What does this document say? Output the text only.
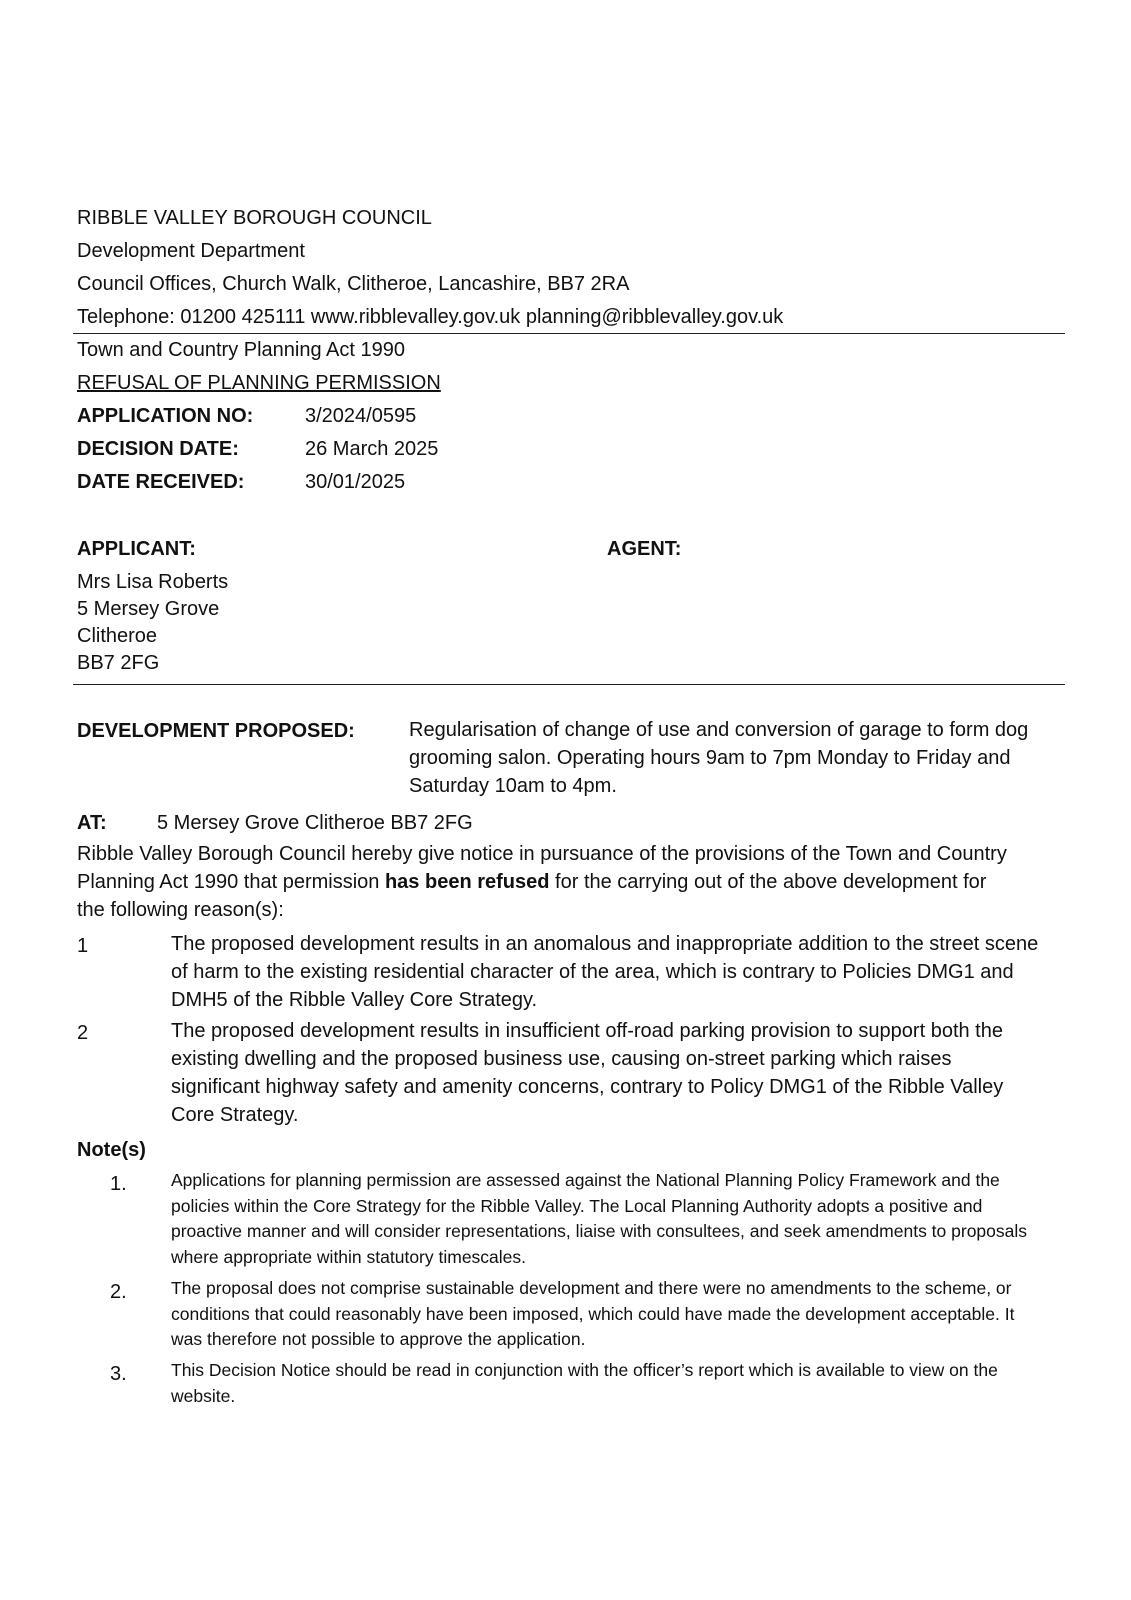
RIBBLE VALLEY BOROUGH COUNCIL
Development Department
Council Offices, Church Walk, Clitheroe, Lancashire, BB7 2RA
Telephone: 01200 425111 www.ribblevalley.gov.uk planning@ribblevalley.gov.uk
Town and Country Planning Act 1990
REFUSAL OF PLANNING PERMISSION
APPLICATION NO:	3/2024/0595
DECISION DATE:	26 March 2025
DATE RECEIVED:	30/01/2025
APPLICANT:	AGENT:
Mrs Lisa Roberts
5 Mersey Grove
Clitheroe
BB7 2FG
DEVELOPMENT PROPOSED:	Regularisation of change of use and conversion of garage to form dog grooming salon. Operating hours 9am to 7pm Monday to Friday and Saturday 10am to 4pm.
AT:	5 Mersey Grove Clitheroe BB7 2FG
Ribble Valley Borough Council hereby give notice in pursuance of the provisions of the Town and Country Planning Act 1990 that permission has been refused for the carrying out of the above development for the following reason(s):
1	The proposed development results in an anomalous and inappropriate addition to the street scene of harm to the existing residential character of the area, which is contrary to Policies DMG1 and DMH5 of the Ribble Valley Core Strategy.
2	The proposed development results in insufficient off-road parking provision to support both the existing dwelling and the proposed business use, causing on-street parking which raises significant highway safety and amenity concerns, contrary to Policy DMG1 of the Ribble Valley Core Strategy.
Note(s)
1.	Applications for planning permission are assessed against the National Planning Policy Framework and the policies within the Core Strategy for the Ribble Valley. The Local Planning Authority adopts a positive and proactive manner and will consider representations, liaise with consultees, and seek amendments to proposals where appropriate within statutory timescales.
2.	The proposal does not comprise sustainable development and there were no amendments to the scheme, or conditions that could reasonably have been imposed, which could have made the development acceptable. It was therefore not possible to approve the application.
3.	This Decision Notice should be read in conjunction with the officer’s report which is available to view on the website.
